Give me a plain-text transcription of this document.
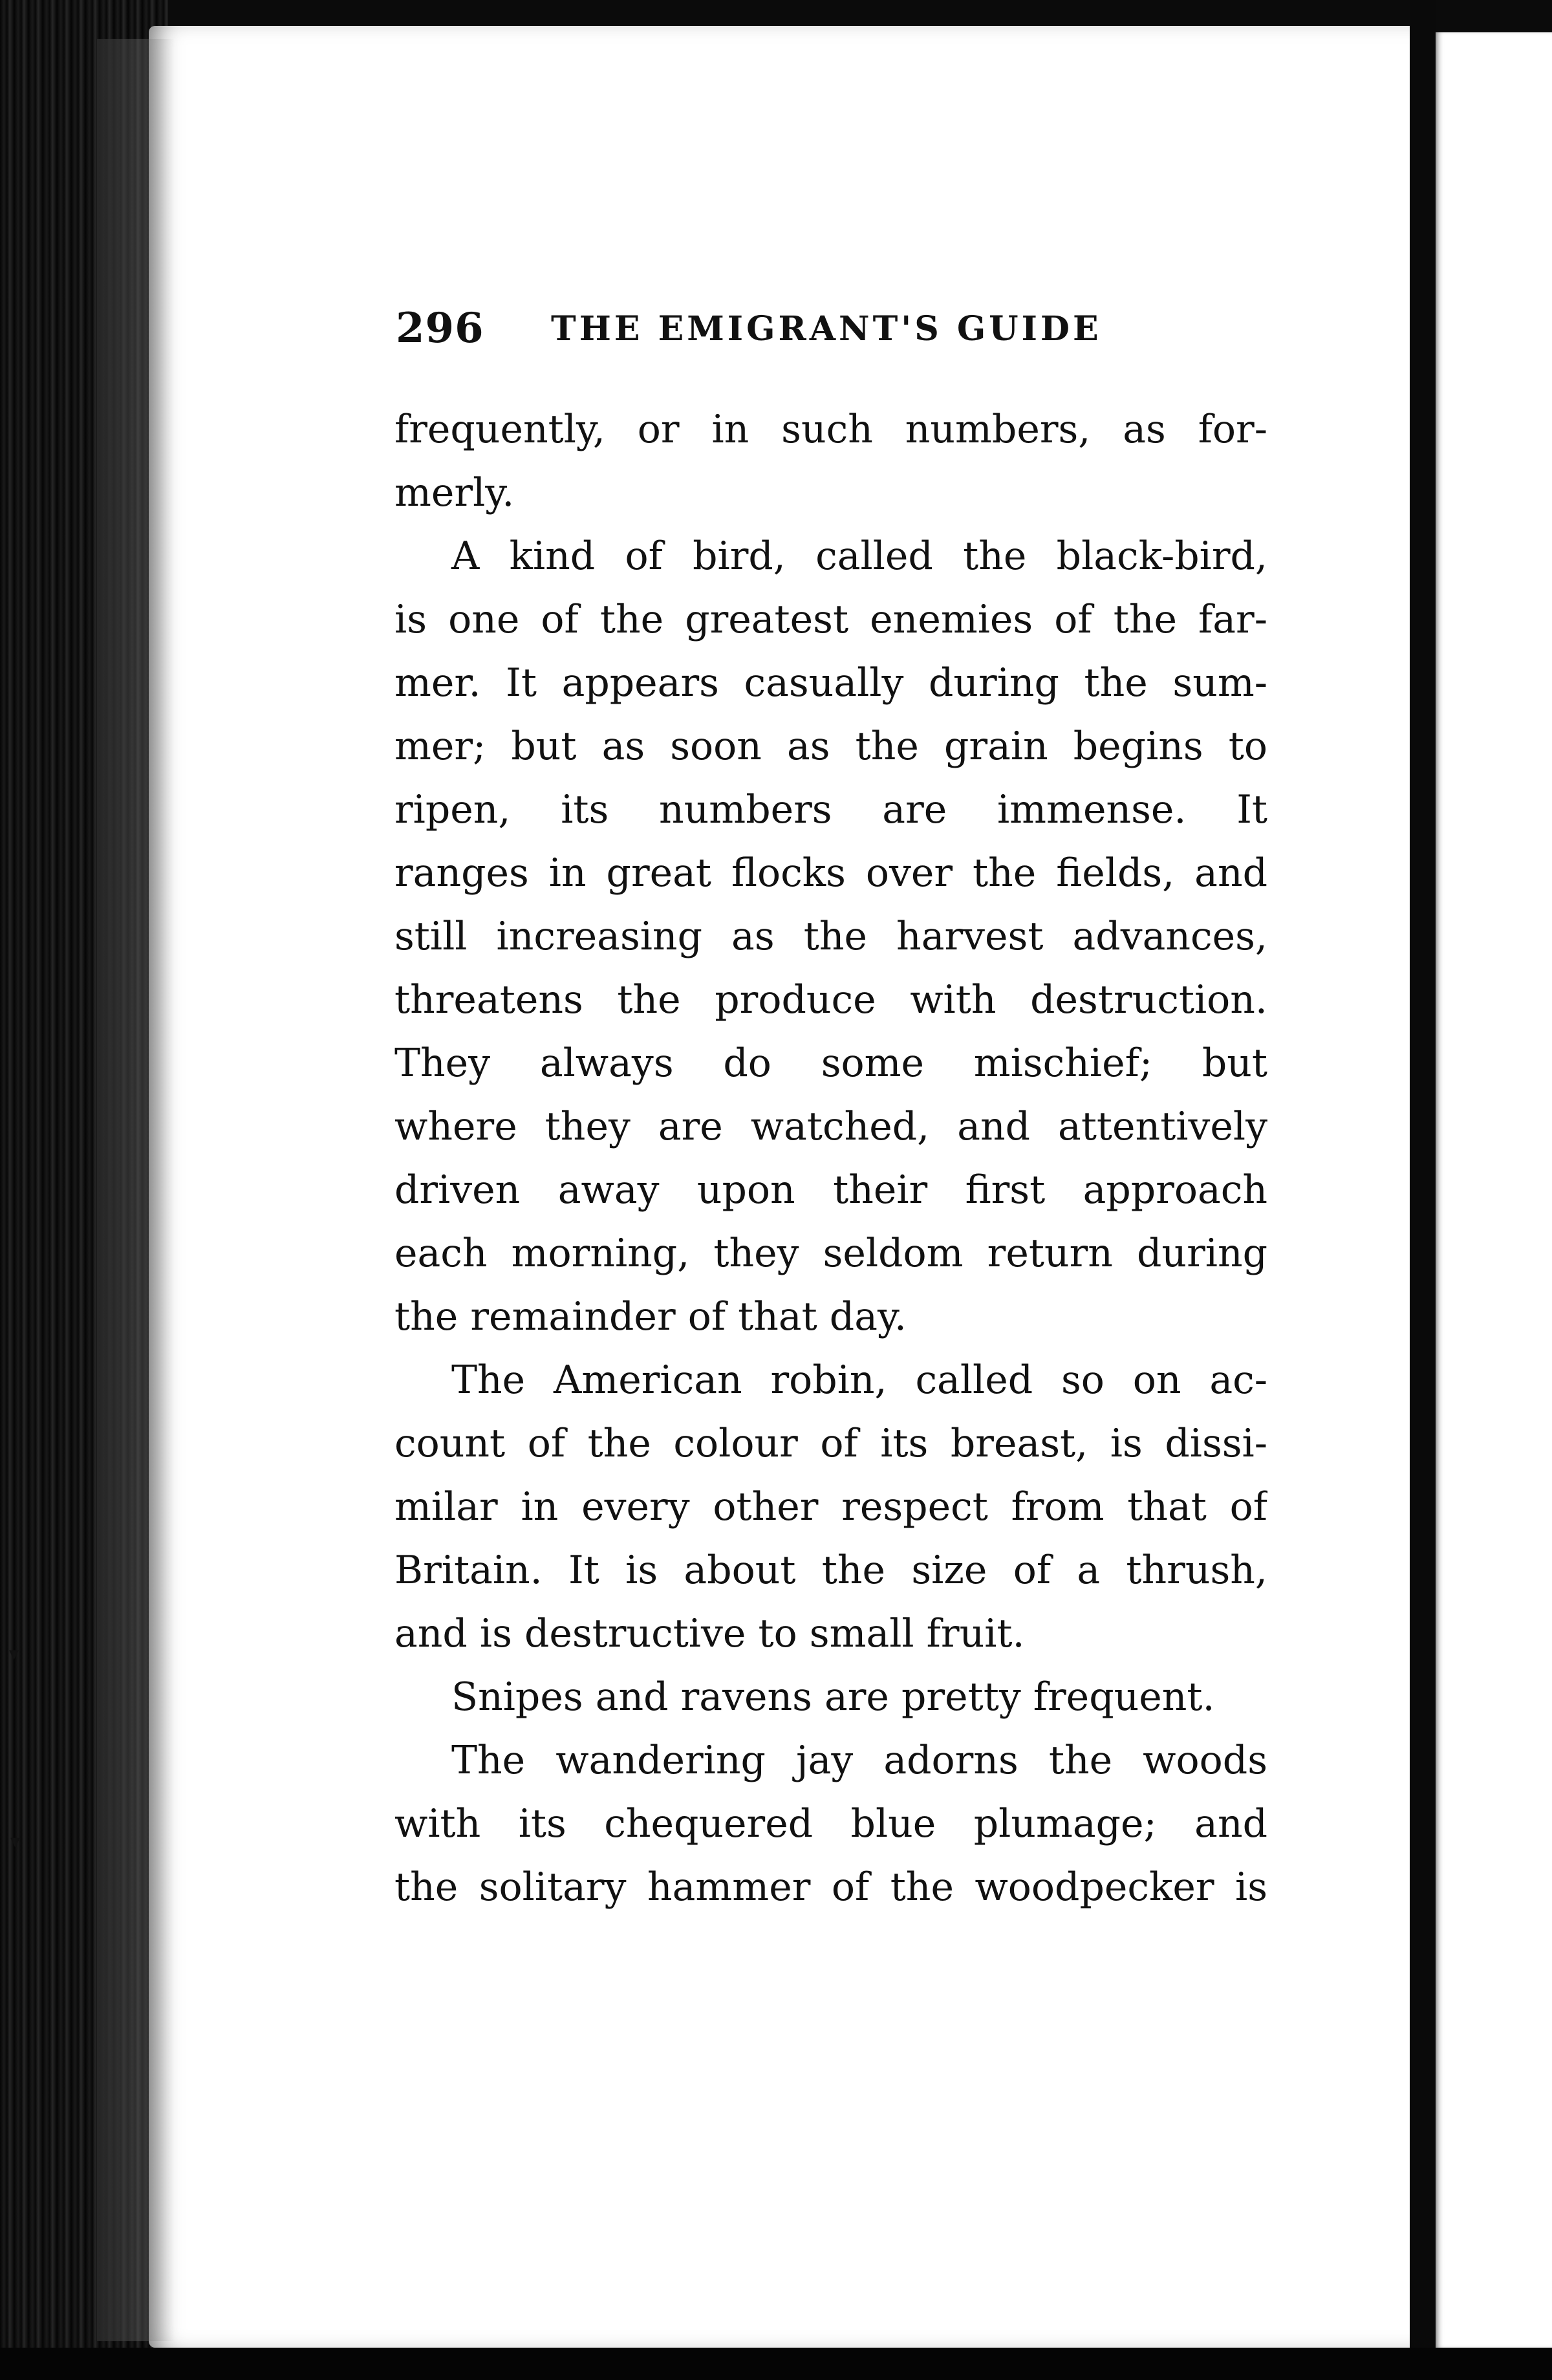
▾
▾
296 THE EMIGRANT'S GUIDE
frequently, or in such numbers, as for-
merly.
A kind of bird, called the black-bird,
is one of the greatest enemies of the far-
mer. It appears casually during the sum-
mer; but as soon as the grain begins to
ripen, its numbers are immense. It
ranges in great flocks over the fields, and
still increasing as the harvest advances,
threatens the produce with destruction.
They always do some mischief; but
where they are watched, and attentively
driven away upon their first approach
each morning, they seldom return during
the remainder of that day.
The American robin, called so on ac-
count of the colour of its breast, is dissi-
milar in every other respect from that of
Britain. It is about the size of a thrush,
and is destructive to small fruit.
Snipes and ravens are pretty frequent.
The wandering jay adorns the woods
with its chequered blue plumage; and
the solitary hammer of the woodpecker is
